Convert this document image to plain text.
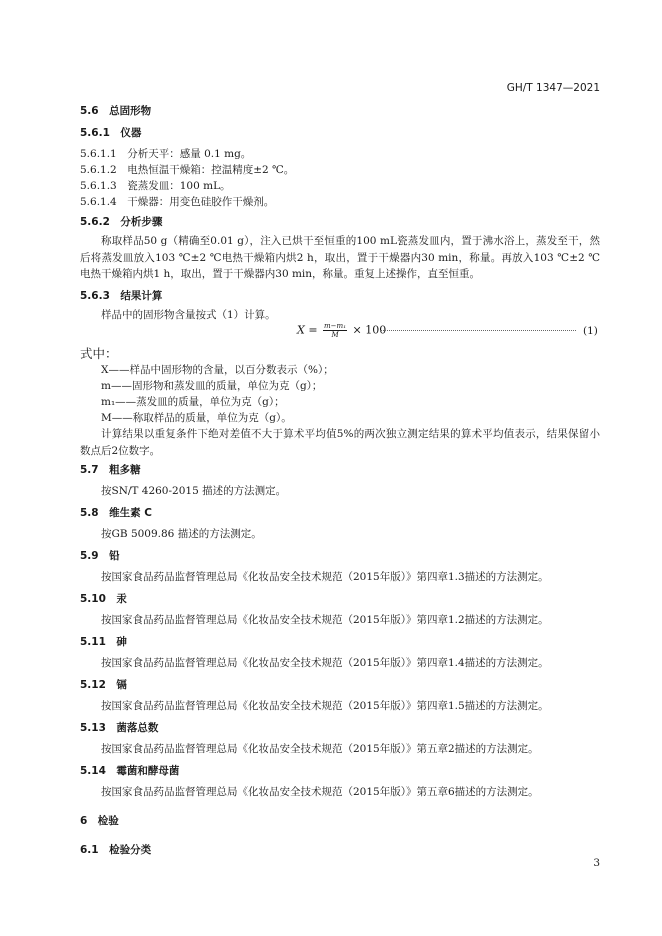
GH/T 1347—2021
5.6　总固形物
5.6.1　仪器
5.6.1.1　分析天平：感量 0.1 mg。
5.6.1.2　电热恒温干燥箱：控温精度±2 ℃。
5.6.1.3　瓷蒸发皿：100 mL。
5.6.1.4　干燥器：用变色硅胶作干燥剂。
5.6.2　分析步骤
称取样品50 g（精确至0.01 g），注入已烘干至恒重的100 mL瓷蒸发皿内，置于沸水浴上，蒸发至干，然后将蒸发皿放入103 ℃±2 ℃电热干燥箱内烘2 h，取出，置于干燥器内30 min，称量。再放入103 ℃±2 ℃电热干燥箱内烘1 h，取出，置于干燥器内30 min，称量。重复上述操作，直至恒重。
5.6.3　结果计算
样品中的固形物含量按式（1）计算。
$X = \frac{\text{m−m₁}}{M} \times 100$	(1)
式中：
X——样品中固形物的含量，以百分数表示（%）；
m——固形物和蒸发皿的质量，单位为克（g）；
m₁——蒸发皿的质量，单位为克（g）；
M——称取样品的质量，单位为克（g）。
计算结果以重复条件下绝对差值不大于算术平均值5%的两次独立测定结果的算术平均值表示，结果保留小数点后2位数字。
5.7　粗多糖
按SN/T 4260-2015 描述的方法测定。
5.8　维生素 C
按GB 5009.86 描述的方法测定。
5.9　铅
按国家食品药品监督管理总局《化妆品安全技术规范（2015年版）》第四章1.3描述的方法测定。
5.10　汞
按国家食品药品监督管理总局《化妆品安全技术规范（2015年版）》第四章1.2描述的方法测定。
5.11　砷
按国家食品药品监督管理总局《化妆品安全技术规范（2015年版）》第四章1.4描述的方法测定。
5.12　镉
按国家食品药品监督管理总局《化妆品安全技术规范（2015年版）》第四章1.5描述的方法测定。
5.13　菌落总数
按国家食品药品监督管理总局《化妆品安全技术规范（2015年版）》第五章2描述的方法测定。
5.14　霉菌和酵母菌
按国家食品药品监督管理总局《化妆品安全技术规范（2015年版）》第五章6描述的方法测定。
6　检验
6.1　检验分类
3
